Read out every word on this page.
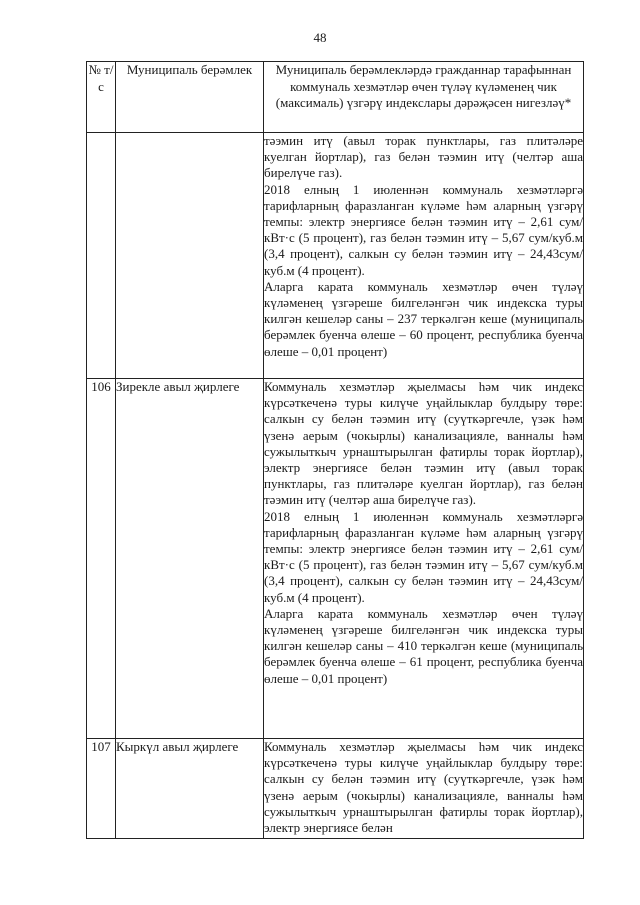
48
№ т/с	Муниципаль берәмлек	Муниципаль берәмлекләрдә гражданнар тарафыннан коммуналь хезмәтләр өчен түләү күләменең чик (максималь) үзгәрү индекслары дәрәҗәсен нигезләү*

		тәэмин итү (авыл торак пунктлары, газ плитәләре куелган йортлар), газ белән тәэмин итү (челтәр аша бирелүче газ).

2018 елның 1 июленнән коммуналь хезмәтләргә тарифларның фаразланган күләме һәм аларның үзгәрү темпы: электр энергиясе белән тәэмин итү – 2,61 сум/кВт·с (5 процент), газ белән тәэмин итү – 5,67 сум/куб.м (3,4 процент), салкын су белән тәэмин итү – 24,43сум/куб.м (4 процент).

Аларга карата коммуналь хезмәтләр өчен түләү күләменең үзгәреше билгеләнгән чик индекска туры килгән кешеләр саны – 237 теркәлгән кеше (муниципаль берәмлек буенча өлеше – 60 процент, республика буенча өлеше – 0,01 процент)

106	Зирекле авыл җирлеге	Коммуналь хезмәтләр җыелмасы һәм чик индекс күрсәткеченә туры килүче уңайлыклар булдыру төре: салкын су белән тәэмин итү (суүткәргечле, үзәк һәм үзенә аерым (чокырлы) канализацияле, ванналы һәм сужылыткыч урнаштырылган фатирлы торак йортлар), электр энергиясе белән тәэмин итү (авыл торак пунктлары, газ плитәләре куелган йортлар), газ белән тәэмин итү (челтәр аша бирелүче газ).

2018 елның 1 июленнән коммуналь хезмәтләргә тарифларның фаразланган күләме һәм аларның үзгәрү темпы: электр энергиясе белән тәэмин итү – 2,61 сум/кВт·с (5 процент), газ белән тәэмин итү – 5,67 сум/куб.м (3,4 процент), салкын су белән тәэмин итү – 24,43сум/куб.м (4 процент).

Аларга карата коммуналь хезмәтләр өчен түләү күләменең үзгәреше билгеләнгән чик индекска туры килгән кешеләр саны – 410 теркәлгән кеше (муниципаль берәмлек буенча өлеше – 61 процент, республика буенча өлеше – 0,01 процент)

107	Кыркүл авыл җирлеге	Коммуналь хезмәтләр җыелмасы һәм чик индекс күрсәткеченә туры килүче уңайлыклар булдыру төре: салкын су белән тәэмин итү (суүткәргечле, үзәк һәм үзенә аерым (чокырлы) канализацияле, ванналы һәм сужылыткыч урнаштырылган фатирлы торак йортлар), электр энергиясе белән
